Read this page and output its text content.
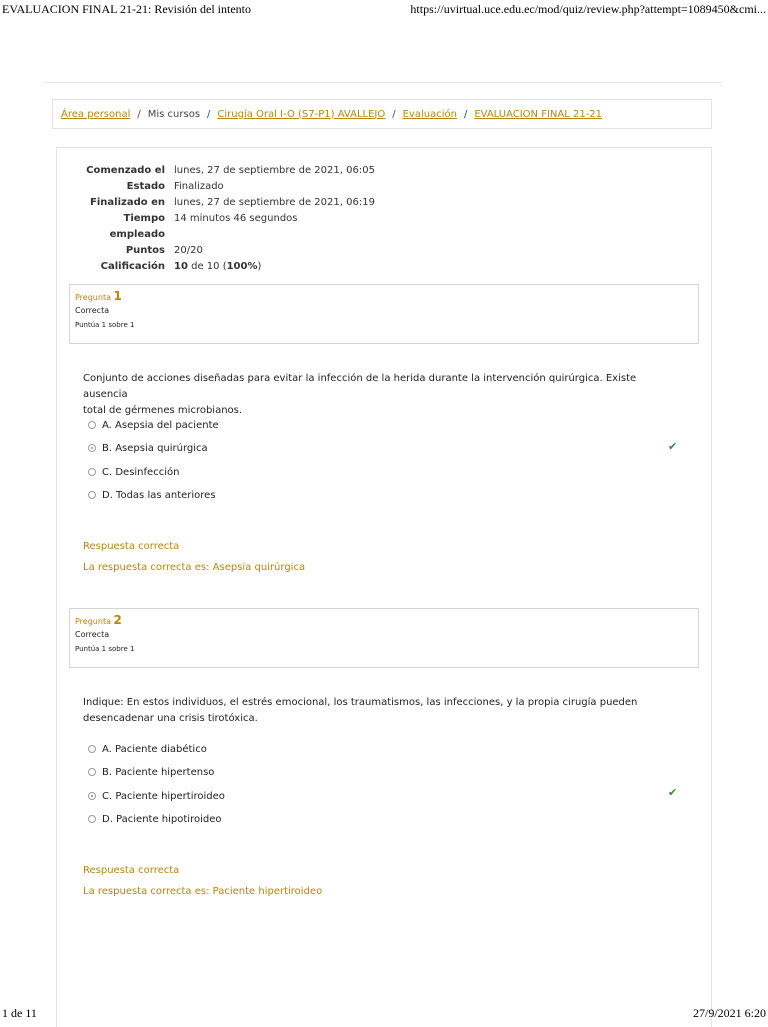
EVALUACION FINAL 21-21: Revisión del intento	https://uvirtual.uce.edu.ec/mod/quiz/review.php?attempt=1089450&cmi...
Área personal / Mis cursos / Cirugía Oral I-O (S7-P1) AVALLEJO / Evaluación / EVALUACION FINAL 21-21
Comenzado el lunes, 27 de septiembre de 2021, 06:05
Estado Finalizado
Finalizado en lunes, 27 de septiembre de 2021, 06:19
Tiempo
empleado
14 minutos 46 segundos
Puntos 20/20
Calificación 10 de 10 (100%)
Pregunta 1
Correcta
Puntúa 1 sobre 1
Conjunto de acciones diseñadas para evitar la infección de la herida durante la intervención quirúrgica. Existe ausencia
total de gérmenes microbianos.
A. Asepsia del paciente
B. Asepsia quirúrgica	✔
C. Desinfección
D. Todas las anteriores
Respuesta correcta
La respuesta correcta es: Asepsia quirúrgica
Pregunta 2
Correcta
Puntúa 1 sobre 1
Indique: En estos individuos, el estrés emocional, los traumatismos, las infecciones, y la propia cirugía pueden
desencadenar una crisis tirotóxica.
A. Paciente diabético
B. Paciente hipertenso
C. Paciente hipertiroideo	✔
D. Paciente hipotiroideo
Respuesta correcta
La respuesta correcta es: Paciente hipertiroideo
1 de 11	27/9/2021 6:20
